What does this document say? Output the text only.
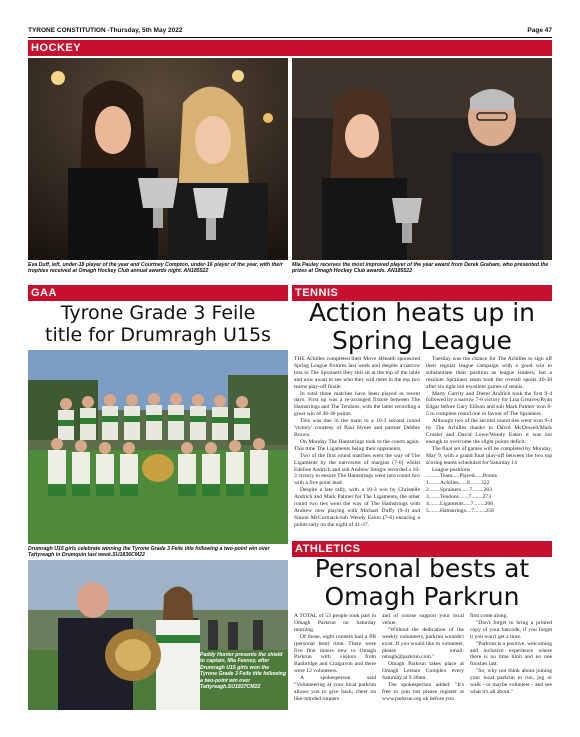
TYRONE CONSTITUTION -Thursday, 5th May 2022	Page 47
HOCKEY
Eva Duff, left, under-18 player of the year and Courtney Compton, under-16 player of the year, with their trophies received at Omagh Hockey Club annual awards night. AN185522
Mia Pauley receives the most improved player of the year award from Derek Graham, who presented the prizes at Omagh Hockey Club awards. AN185522
GAA
Tyrone Grade 3 Feile
title for Drumragh U15s
Drumragh U15 girls celebrate winning the Tyrone Grade 3 Feile title following a two-point win over Tattyreagh in Drumquin last week.SU1836CM22
Paddy Hunter presents the shield to captain, Mia Feeney, after Drumragh U15 girls won the Tyrone Grade 3 Feile title following a two-point win over Tattyreagh.SU1837CM22
TENNIS
Action heats up in
Spring League

THE Achilles completed their Move 4Health sponsored Spring League fixtures last week and despite a narrow loss to The Sprainers they still sit at the top of the table and now await to see who they will meet in the top two teams play-off finale.

In total three matches have been played in recent days. First up was a re-arranged fixture between The Hamstrings and The Tendons, with the latter recording a great win of 46-30 points.

This was due in the main to a 10-3 second round 'victory' courtesy of Paul Hynes and partner Debbie Brown.

On Monday The Hamstrings took to the courts again. This time The Ligaments being their opponents.

Two of the first round matches went the way of The Ligaments by the narrowest of margins (7-6) whilst Edeline Andrich and sub Andrew Sturgis recorded a 10-3 victory to ensure The Hamstrings went into round two with a five point lead.

Despite a late rally, with a 10-3 win by Christelle Andrich and Mark Palmer for The Ligaments, the other round two ties went the way of The Hamstrings with Andrew now playing with Michael Duffy (9-4) and Simon McCormack/sub Wendy Eaton (7-6) ensuring a points tally on the night of 41-37.

Tuesday was the chance for The Achilles to sign off their regular league campaign with a good win to substantiate their position as league leaders, but a resolute Sprainers team took the overall spoils 40-38 after six tight but excellent games of tennis.

Marty Garrity and Dieter Andrich took the first 9-4 followed by a narrow 7-6 victory for Lisa Greaves/Ryan Edgar before Gary Ellison and sub Mark Palmer won 8-5 to complete round one in favour of The Sprainers.

Although two of the second round ties went won 9-4 by The Achilles thanks to David McDowell/Mark Crosier and David Lowe/Wendy Eaton it was not enough to overcome the slight points deficit.

The final set of games will be completed by Monday, May 9, with a grand final play-off between the two top scoring teams scheduled for Saturday 14

League positions

..........Team.....Played......Points

1........Achilles......8........322

2........Sprainers......7........283

3........Tendons ......7........273

4........Ligaments.....7........268

5........Hamstrings....7........258

ATHLETICS
Personal bests at
Omagh Parkrun

A TOTAL of 53 people took part in Omagh Parkrun on Saturday morning.

Of those, eight runners had a PB (personal best) time. There were five first timers new to Omagh Parkrun with visitors from Banbridge and Craigavon and there were 12 volunteers.

A spokesperson said "Volunteering at your local parkrun allows you to give back, cheer on like-minded runners

and of course support your local venue.

"Without the dedication of the weekly volunteers, parkrun wouldn't exist. If you would like to volunteer, please email: omagh@parkrun.com."

Omagh Parkrun takes place at Omagh Leisure Complex every Saturday at 9.30am.

The spokesperson added: "It's free to join but please register at www.parkrun.org.uk before you

first come along.

"Don't forget to bring a printed copy of your barcode, if you forget it you won't get a time.

"Parkrun is a positive, welcoming and inclusive experience where there is no time limit and no one finishes last.

"So, why not think about joining your local parkrun to run, jog or walk - or maybe volunteer - and see what it's all about."
